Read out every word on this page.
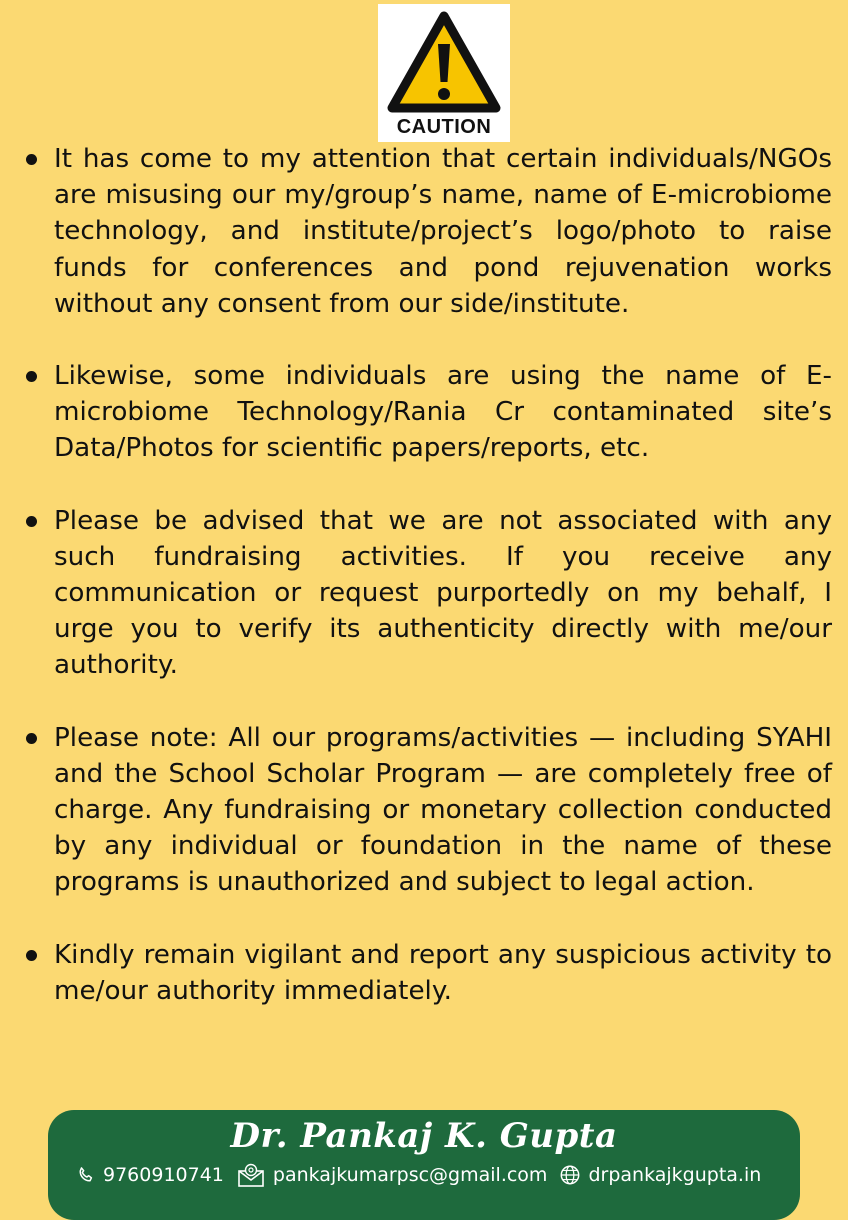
CAUTION
It has come to my attention that certain individuals/NGOs are misusing our my/group’s name, name of E-microbiome technology, and institute/project’s logo/photo to raise funds for conferences and pond rejuvenation works without any consent from our side/institute.
Likewise, some individuals are using the name of E-microbiome Technology/Rania Cr contaminated site’s Data/Photos for scientific papers/reports, etc.
Please be advised that we are not associated with any such fundraising activities. If you receive any communication or request purportedly on my behalf, I urge you to verify its authenticity directly with me/our authority.
Please note: All our programs/activities — including SYAHI and the School Scholar Program — are completely free of charge. Any fundraising or monetary collection conducted by any individual or foundation in the name of these programs is unauthorized and subject to legal action.
Kindly remain vigilant and report any suspicious activity to me/our authority immediately.
Dr. Pankaj K. Gupta
9760910741	pankajkumarpsc@gmail.com drpankajkgupta.in
